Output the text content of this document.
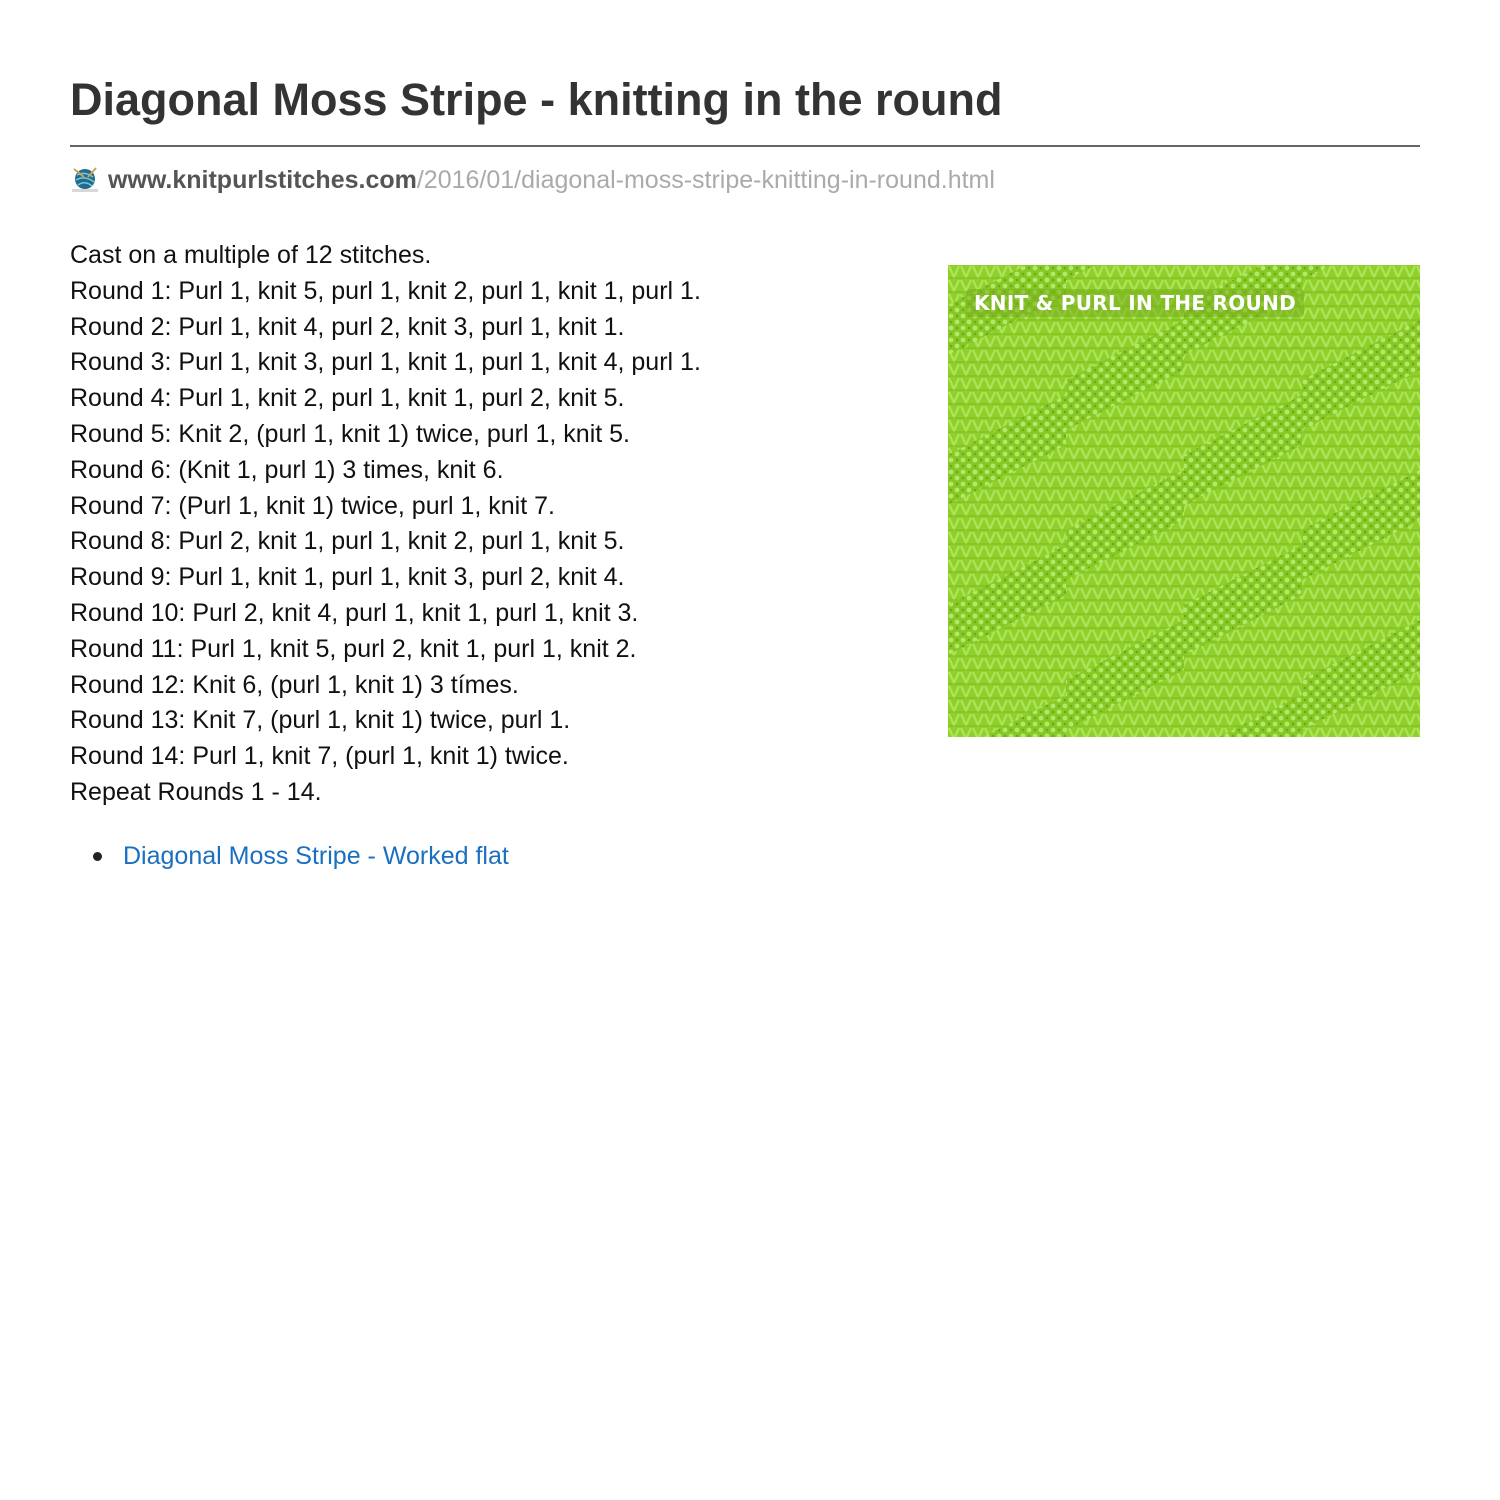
Diagonal Moss Stripe - knitting in the round
www.knitpurlstitches.com /2016/01/diagonal-moss-stripe-knitting-in-round.html
Cast on a multiple of 12 stitches.
Round 1: Purl 1, knit 5, purl 1, knit 2, purl 1, knit 1, purl 1.
Round 2: Purl 1, knit 4, purl 2, knit 3, purl 1, knit 1.
Round 3: Purl 1, knit 3, purl 1, knit 1, purl 1, knit 4, purl 1.
Round 4: Purl 1, knit 2, purl 1, knit 1, purl 2, knit 5.
Round 5: Knit 2, (purl 1, knit 1) twice, purl 1, knit 5.
Round 6: (Knit 1, purl 1) 3 times, knit 6.
Round 7: (Purl 1, knit 1) twice, purl 1, knit 7.
Round 8: Purl 2, knit 1, purl 1, knit 2, purl 1, knit 5.
Round 9: Purl 1, knit 1, purl 1, knit 3, purl 2, knit 4.
Round 10: Purl 2, knit 4, purl 1, knit 1, purl 1, knit 3.
Round 11: Purl 1, knit 5, purl 2, knit 1, purl 1, knit 2.
Round 12: Knit 6, (purl 1, knit 1) 3 tímes.
Round 13: Knit 7, (purl 1, knit 1) twice, purl 1.
Round 14: Purl 1, knit 7, (purl 1, knit 1) twice.
Repeat Rounds 1 - 14.
Diagonal Moss Stripe - Worked flat
KNIT & PURL IN THE ROUND
